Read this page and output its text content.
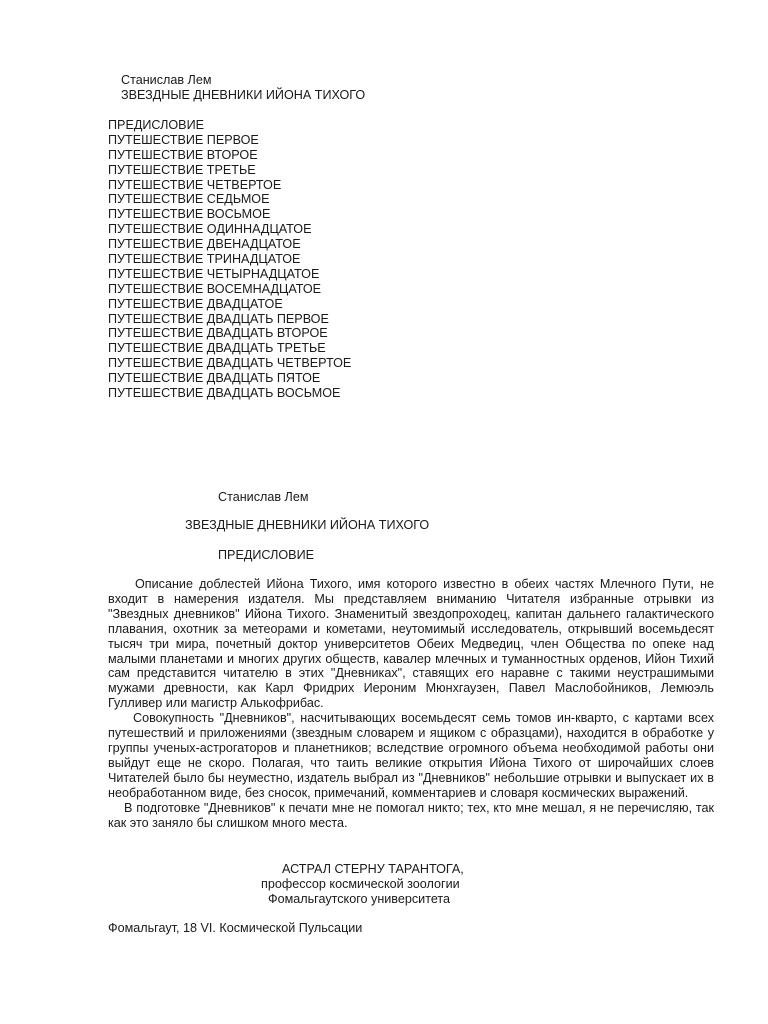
Станислав Лем
ЗВЕЗДНЫЕ ДНЕВНИКИ ИЙОНА ТИХОГО
ПРЕДИСЛОВИЕ
ПУТЕШЕСТВИЕ ПЕРВОЕ
ПУТЕШЕСТВИЕ ВТОРОЕ
ПУТЕШЕСТВИЕ ТРЕТЬЕ
ПУТЕШЕСТВИЕ ЧЕТВЕРТОЕ
ПУТЕШЕСТВИЕ СЕДЬМОЕ
ПУТЕШЕСТВИЕ ВОСЬМОЕ
ПУТЕШЕСТВИЕ ОДИННАДЦАТОЕ
ПУТЕШЕСТВИЕ ДВЕНАДЦАТОЕ
ПУТЕШЕСТВИЕ ТРИНАДЦАТОЕ
ПУТЕШЕСТВИЕ ЧЕТЫРНАДЦАТОЕ
ПУТЕШЕСТВИЕ ВОСЕМНАДЦАТОЕ
ПУТЕШЕСТВИЕ ДВАДЦАТОЕ
ПУТЕШЕСТВИЕ ДВАДЦАТЬ ПЕРВОЕ
ПУТЕШЕСТВИЕ ДВАДЦАТЬ ВТОРОЕ
ПУТЕШЕСТВИЕ ДВАДЦАТЬ ТРЕТЬЕ
ПУТЕШЕСТВИЕ ДВАДЦАТЬ ЧЕТВЕРТОЕ
ПУТЕШЕСТВИЕ ДВАДЦАТЬ ПЯТОЕ
ПУТЕШЕСТВИЕ ДВАДЦАТЬ ВОСЬМОЕ
Станислав Лем
ЗВЕЗДНЫЕ ДНЕВНИКИ ИЙОНА ТИХОГО
ПРЕДИСЛОВИЕ

Описание доблестей Ийона Тихого, имя которого известно в обеих частях Млечного Пути, не входит в намерения издателя. Мы представляем вниманию Читателя избранные отрывки из "Звездных дневников" Ийона Тихого. Знаменитый звездопроходец, капитан дальнего галактического плавания, охотник за метеорами и кометами, неутомимый исследователь, открывший восемьдесят тысяч три мира, почетный доктор университетов Обеих Медведиц, член Общества по опеке над малыми планетами и многих других обществ, кавалер млечных и туманностных орденов, Ийон Тихий сам представится читателю в этих "Дневниках", ставящих его наравне с такими неустрашимыми мужами древности, как Карл Фридрих Иероним Мюнхгаузен, Павел Маслобойников, Лемюэль Гулливер или магистр Алькофрибас.

Совокупность "Дневников", насчитывающих восемьдесят семь томов ин-кварто, с картами всех путешествий и приложениями (звездным словарем и ящиком с образцами), находится в обработке у группы ученых-астрогаторов и планетников; вследствие огромного объема необходимой работы они выйдут еще не скоро. Полагая, что таить великие открытия Ийона Тихого от широчайших слоев Читателей было бы неуместно, издатель выбрал из "Дневников" небольшие отрывки и выпускает их в необработанном виде, без сносок, примечаний, комментариев и словаря космических выражений.

В подготовке "Дневников" к печати мне не помогал никто; тех, кто мне мешал, я не перечисляю, так как это заняло бы слишком много места.

АСТРАЛ СТЕРНУ ТАРАНТОГА,
профессор космической зоологии
Фомальгаутского университета
Фомальгаут, 18 VI. Космической Пульсации
